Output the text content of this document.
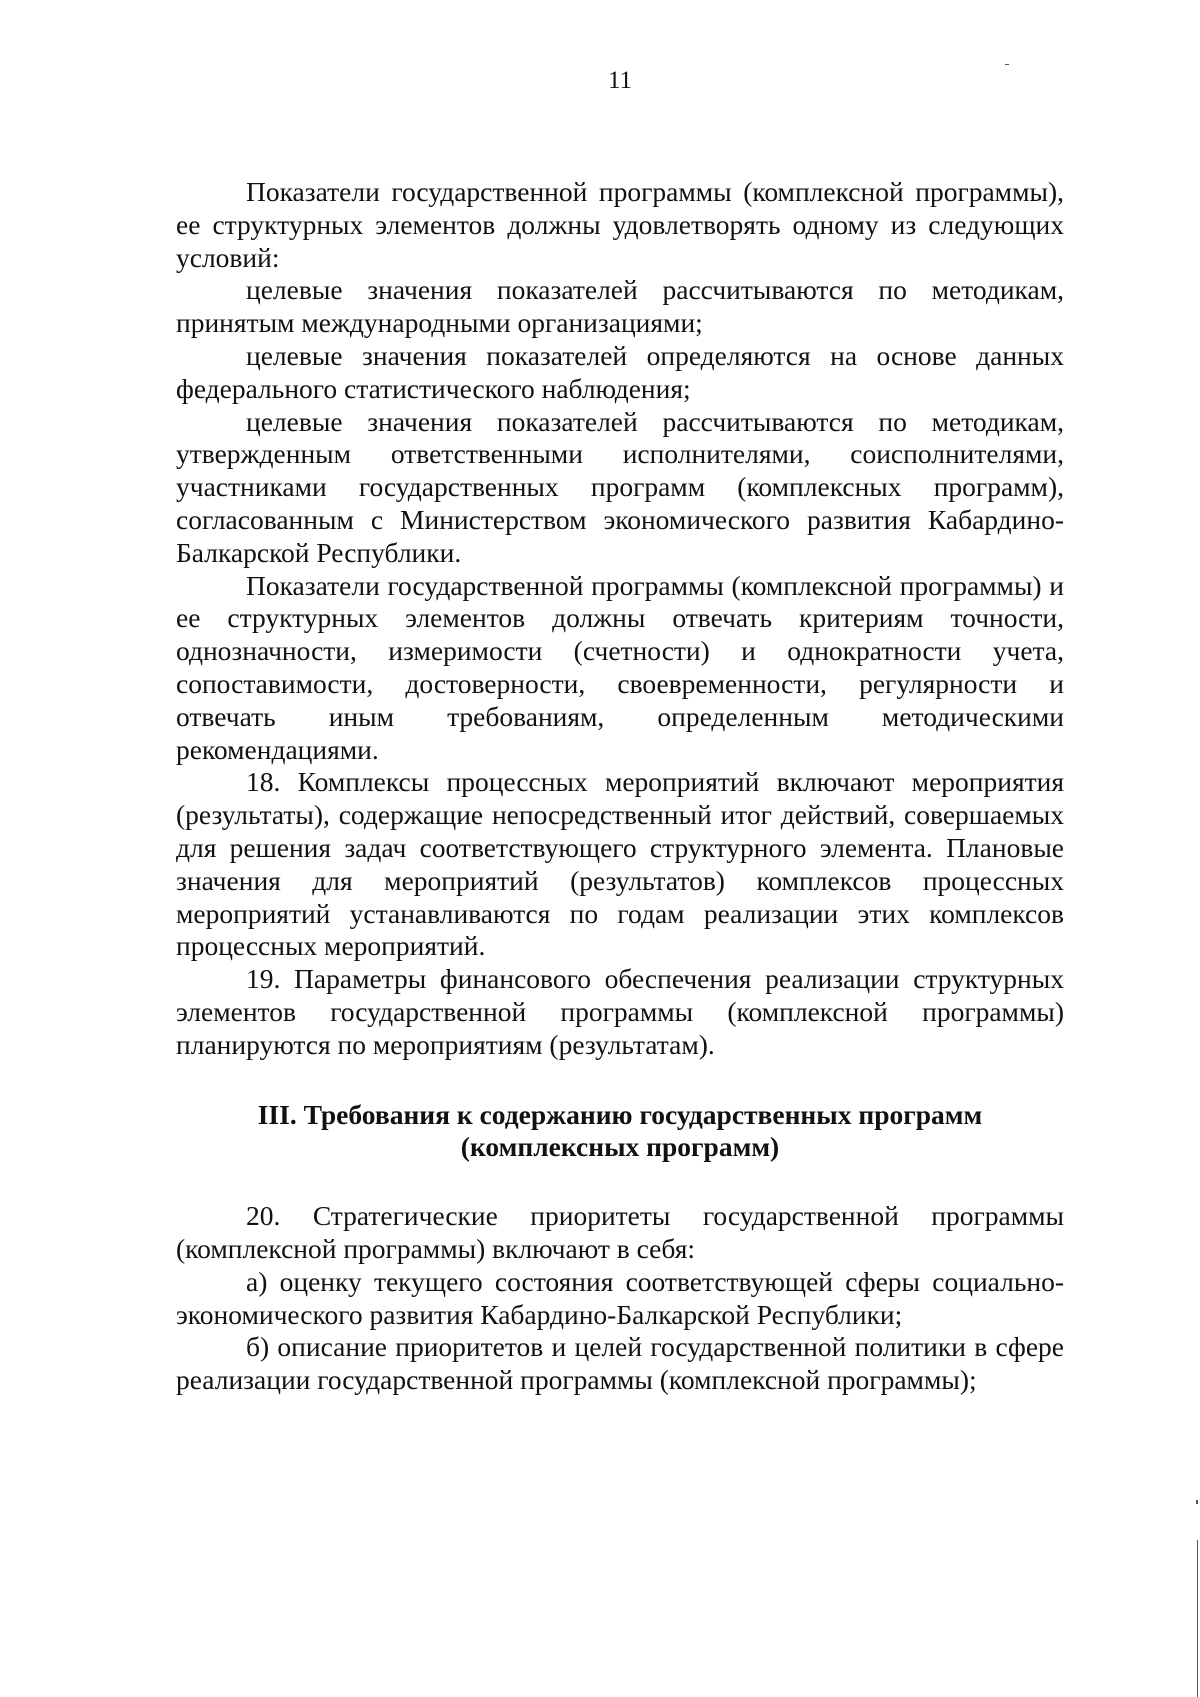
11

Показатели государственной программы (комплексной программы), ее структурных элементов должны удовлетворять одному из следующих условий:

целевые значения показателей рассчитываются по методикам, принятым международными организациями;

целевые значения показателей определяются на основе данных федерального статистического наблюдения;

целевые значения показателей рассчитываются по методикам, утвержденным ответственными исполнителями, соисполнителями, участниками государственных программ (комплексных программ), согласованным с Министерством экономического развития Кабардино-Балкарской Республики.

Показатели государственной программы (комплексной программы) и ее структурных элементов должны отвечать критериям точности, однозначности, измеримости (счетности) и однократности учета, сопоставимости, достоверности, своевременности, регулярности и отвечать иным требованиям, определенным методическими рекомендациями.

18. Комплексы процессных мероприятий включают мероприятия (результаты), содержащие непосредственный итог действий, совершаемых для решения задач соответствующего структурного элемента. Плановые значения для мероприятий (результатов) комплексов процессных мероприятий устанавливаются по годам реализации этих комплексов процессных мероприятий.

19. Параметры финансового обеспечения реализации структурных элементов государственной программы (комплексной программы) планируются по мероприятиям (результатам).

III. Требования к содержанию государственных программ
(комплексных программ)

20. Стратегические приоритеты государственной программы (комплексной программы) включают в себя:

а) оценку текущего состояния соответствующей сферы социально-экономического развития Кабардино-Балкарской Республики;

б) описание приоритетов и целей государственной политики в сфере реализации государственной программы (комплексной программы);
